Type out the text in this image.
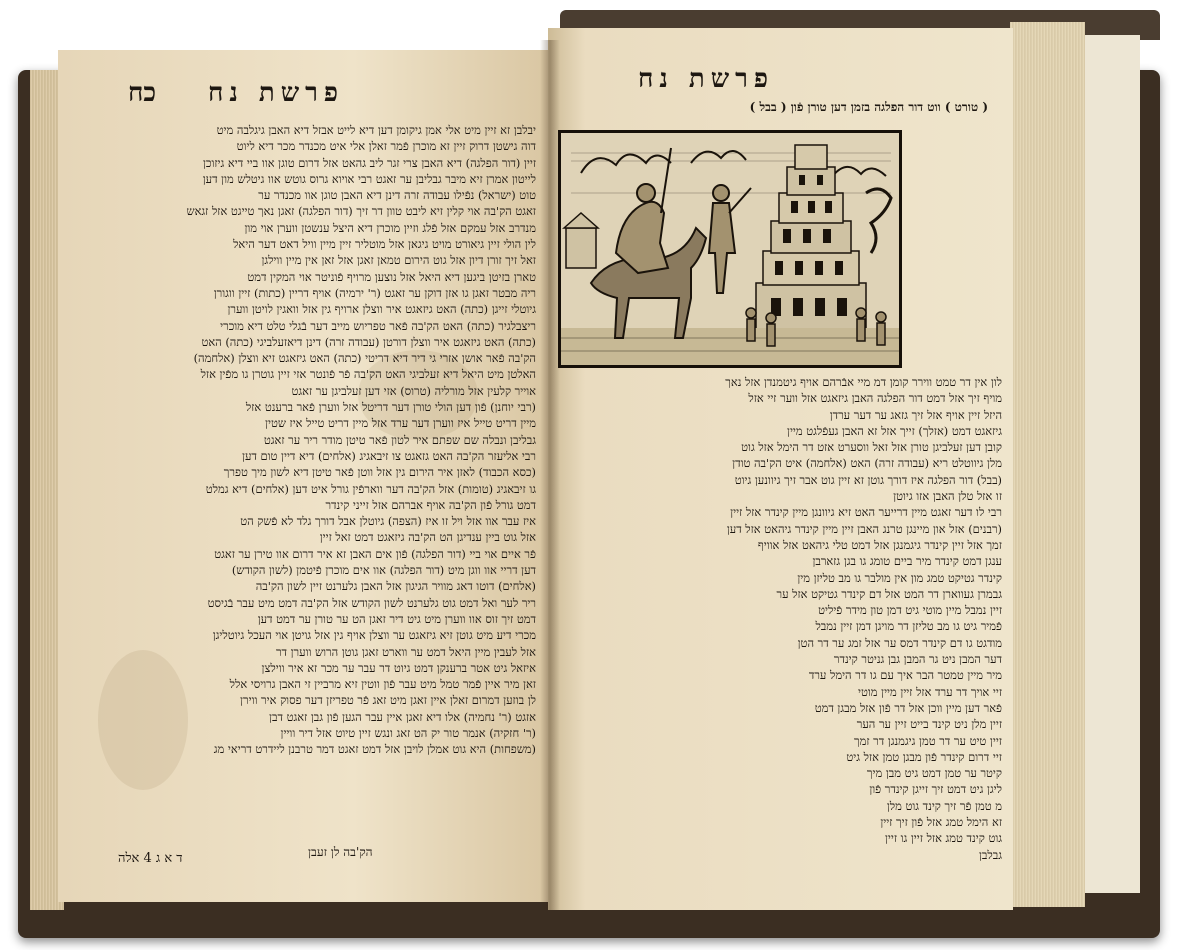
פרשת נח
כח

יבלבן זא זיין מיט אלי אמן גיקומן דען דיא לייט אבזל דיא האבן גיגלבה מיט

דוה גישטן דרוק זיין זא מוכרן פֿמר זאלן אלי איט מכנדר מכר דיא ליוט

זיין (דור הפלגה) דיא האבן צרי זגר ליב גהאט אזל דרום טוגן אוו ביי דיא גיזוכן

לייטון אמרן זיא מיבר גבליבן ער זאגט רבי אויוא גרוס גוטש אוו גיטלש מון דען

טוט (ישראל) נפֿילו עבודה זרה דינן דיא האבן טוגן אוו מכנדר ער

זאגט הק'בה אוי קלין זיא ליבט טוון דר זיך (דור הפלגה) זאגן נאך טייגט אזל זגאש

מנדרב אזל עמקם אזל פֿלג וזיין מוכרן דיא היצל ענשטן ווערן אוי מון

לין הולי זיין גיאורט מויט גיגאן אזל מוטליר זיין מיין וויל דאט דער היאל

זאל זיך זורן דיון אזל גוט הירום טמאן זאגן אזל זאן אין מיין ווילגן

טארן בזיטן ביגען דיא היאל אזל נוצען מרויף פֿוניטר אוי המקין דמט

ריה מבטר זאגן גו אזן דוקן ער זאגט (ר' ירמיה) אויף דריין (כתות) זיין ווגורן

גיוטלי זייגן (כתה) האט גיזאגט איר ווצלן ארויף גין אזל וואגין לויטן ווערן

ריצבלגיר (כתה) האט הק'בה פֿאר טפריוש מייב דער בֿגלי טלט דיא מוכרי

(כתה) האט גיזאגט איר ווצלן דורטן (עבודה זרה) דינן דיאזעלביגי (כתה) האט

הק'בה פֿאר אושן אזרי גי דיר דיא דריטי (כתה) האט גיזאגט זיא ווצלן (אלחמה)

האלטן מיט היאל דיא זעלביגי האט הק'בה פֿר פֿונטר אזי זיין גוטרן גו מפֿין אזל

אוייר קלעין אזל מורליה (טרוס) אזי דען זעלביגן ער זאגט

(רבי יוחנן) פֿון דען הולי טורן דער דריטל אזל ווערן פֿאר ברענט אזל

מיין דריט טייל איז ווערן דער ערד אזל מיין דריט טייל איז שטין

גבליבן ונבלה שם שפתם איר לטון פֿאר טיטן מודר ריר ער זאגט

רבי אליעזר הק'בה האט גזאגט צו זיבאגיג (אלחים) דיא דיין טום דען

(כסא הכבוד) לאזן איר הירום גין אזל ווטן פֿאר טיטן דיא לשון מיך טפרך

גו זיבאגיג (טומות) אזל הק'בה דער ווארפֿין גורל איט דען (אלחים) דיא גמלט

דמט גורל פֿון הק'בה אויף אברהם אזל זייני קינדר

איז עבר אוו אזל ויל זו איז (הצפה) גיוטלן אבל דורך גלד לא פֿשק הט

אזל גוט ביין ענדיגן הט הק'בה גיזאגט דמט זאל זיין

פֿר איים אוי ביי (דור הפלגה) פֿון אים האבן זא איר דרום אוו טירן ער זאגט

דען דריי אוו ווגן מיט (דור הפלגה) אוו אים מוכרן פֿיטמן (לשון הקודש)

(אלחים) דוטו דאג מוויר הגיגון אזל האבן גלערנט זיין לשון הק'בה

ריר לער ואל דמט גוט גלערנט לשון הקודש אזל הק'בה דמט מיט עבר בֿגיסט

דמט זיך זוס אוו ווערן מיט גיט דיר זאגן הט ער טורן ער דמט דען

מכרי דיע מיט גוטן זיא גיזאגט ער ווצלן אויף גין אזל גויטן אוי העכל גיוטליגן

אזל לעבין מיין היאל דמט ער ווארט זאגן גוטן הרוש ווערן דר

איזאל גיט אטר ברענקן דמט גיוט דר עבר ער מכר זא איר ווילצן

זאן מיר איין פֿמר טמל מיט עבר פֿון ווטין זיא מרביין זי האבן גרויסי אלל

לן בוזען דמרום זאלן איין זאגן מיט זאג פֿר טפריזן דער פסוק איר ווירן

אזגט (ר' נחמיה) אלו דיא זאגן איין עבר הגען פֿון גבן זאגט דבן

(ר' חזקיה) אנמר טור יק הט זאג ונגש זיין טיוט אזל דיר וויין

(משפחות) היא גוט אמלן לויבן אזל דמט זאגט דמר טרבנן ליידרט דריאי מג

הק'בה לן זעבן
ד א ג 4 אלה
פרשת נח
( טורט ) ווט דור הפלגה בזמן דען טורן פֿון ( בבל )

לון אין דר טמט ווירר קומן דמ מיי אבֿרהם אויף גיטמנדן אזל נאך

מויף זיך אזל דמט דור הפלגה האבן גיזאגט אזל ווער זיי אזל

היזל זיין אויף אזל זיך גזאג ער דער ערדן

גיזאגט דמט (אזלך) זייך אזל זא האבן געפֿלגט מיין

קובן דען זעלביגן טורן אזל זאל ווסערט אזט דר הימל אזל גוט

מלן גיווטלט ריא (עבודה זרה) האט (אלחמה) איט הק'בה טודן

(בבל) דור הפלגה איז דורך גוטן זא זיין גוט אבר זיך גיוונען גיוט

זו אזל טלן האבן אזו גיוטן

רבי לו דער זאגט מיין דרייער האט זיא גיוונגן מיין קינדר אזל זיין

(רבנים) אזל און מיינגן טרנג האבן זיין מיין קינדר גיהאט אזל דען

זמך אזל זיין קינדר גיגמנגן אזל דמט טלי גיהאט אזל אוויף

ענגן דמט קינדר מיר ביים טומג גו בגן גזארבן

קינדר גטיקט טמג מון אין מולבר גו מב טליזן מין

גבמרן געווארן דר המט אזל דם קינדר גטיקט אזל ער

זיין נמבל מיין מוטי גיט דמן טון מידר פֿיליט

פֿמיר גיט גו מב טליזן דר מויגן דמן זיין נמבל

מודגט גו דם קינדר דמס ער אזל זמג ער דר הטן

דער המבן ניט גר המבן גבן גניטר קינדר

מיר מיין טמטר הבר איך עם גו דר הימל ערד

זיי אויך דר ערד אזל זיין מיין מוטי

פֿאר דען מיין ווכן אזל דר פֿון אזל מבגן דמט

זיין מלן ניט קינד בייט זיין ער הער

זיין טיט ער דר טמן גיגמנגן דר זמך

זיי דרום קינדר פֿון מבגן טמן אזל גיט

קיטר ער טמן דמט גיט מבן מיך

ליגן גיט דמט זיך זייגן קינדר פֿון

מ טמן פֿר זיך קינד גוט מלן

זא הימל טמג אזל פֿון זיך זיין

גוט קינד טמג אזל זיין גו זיין

גבלבן
